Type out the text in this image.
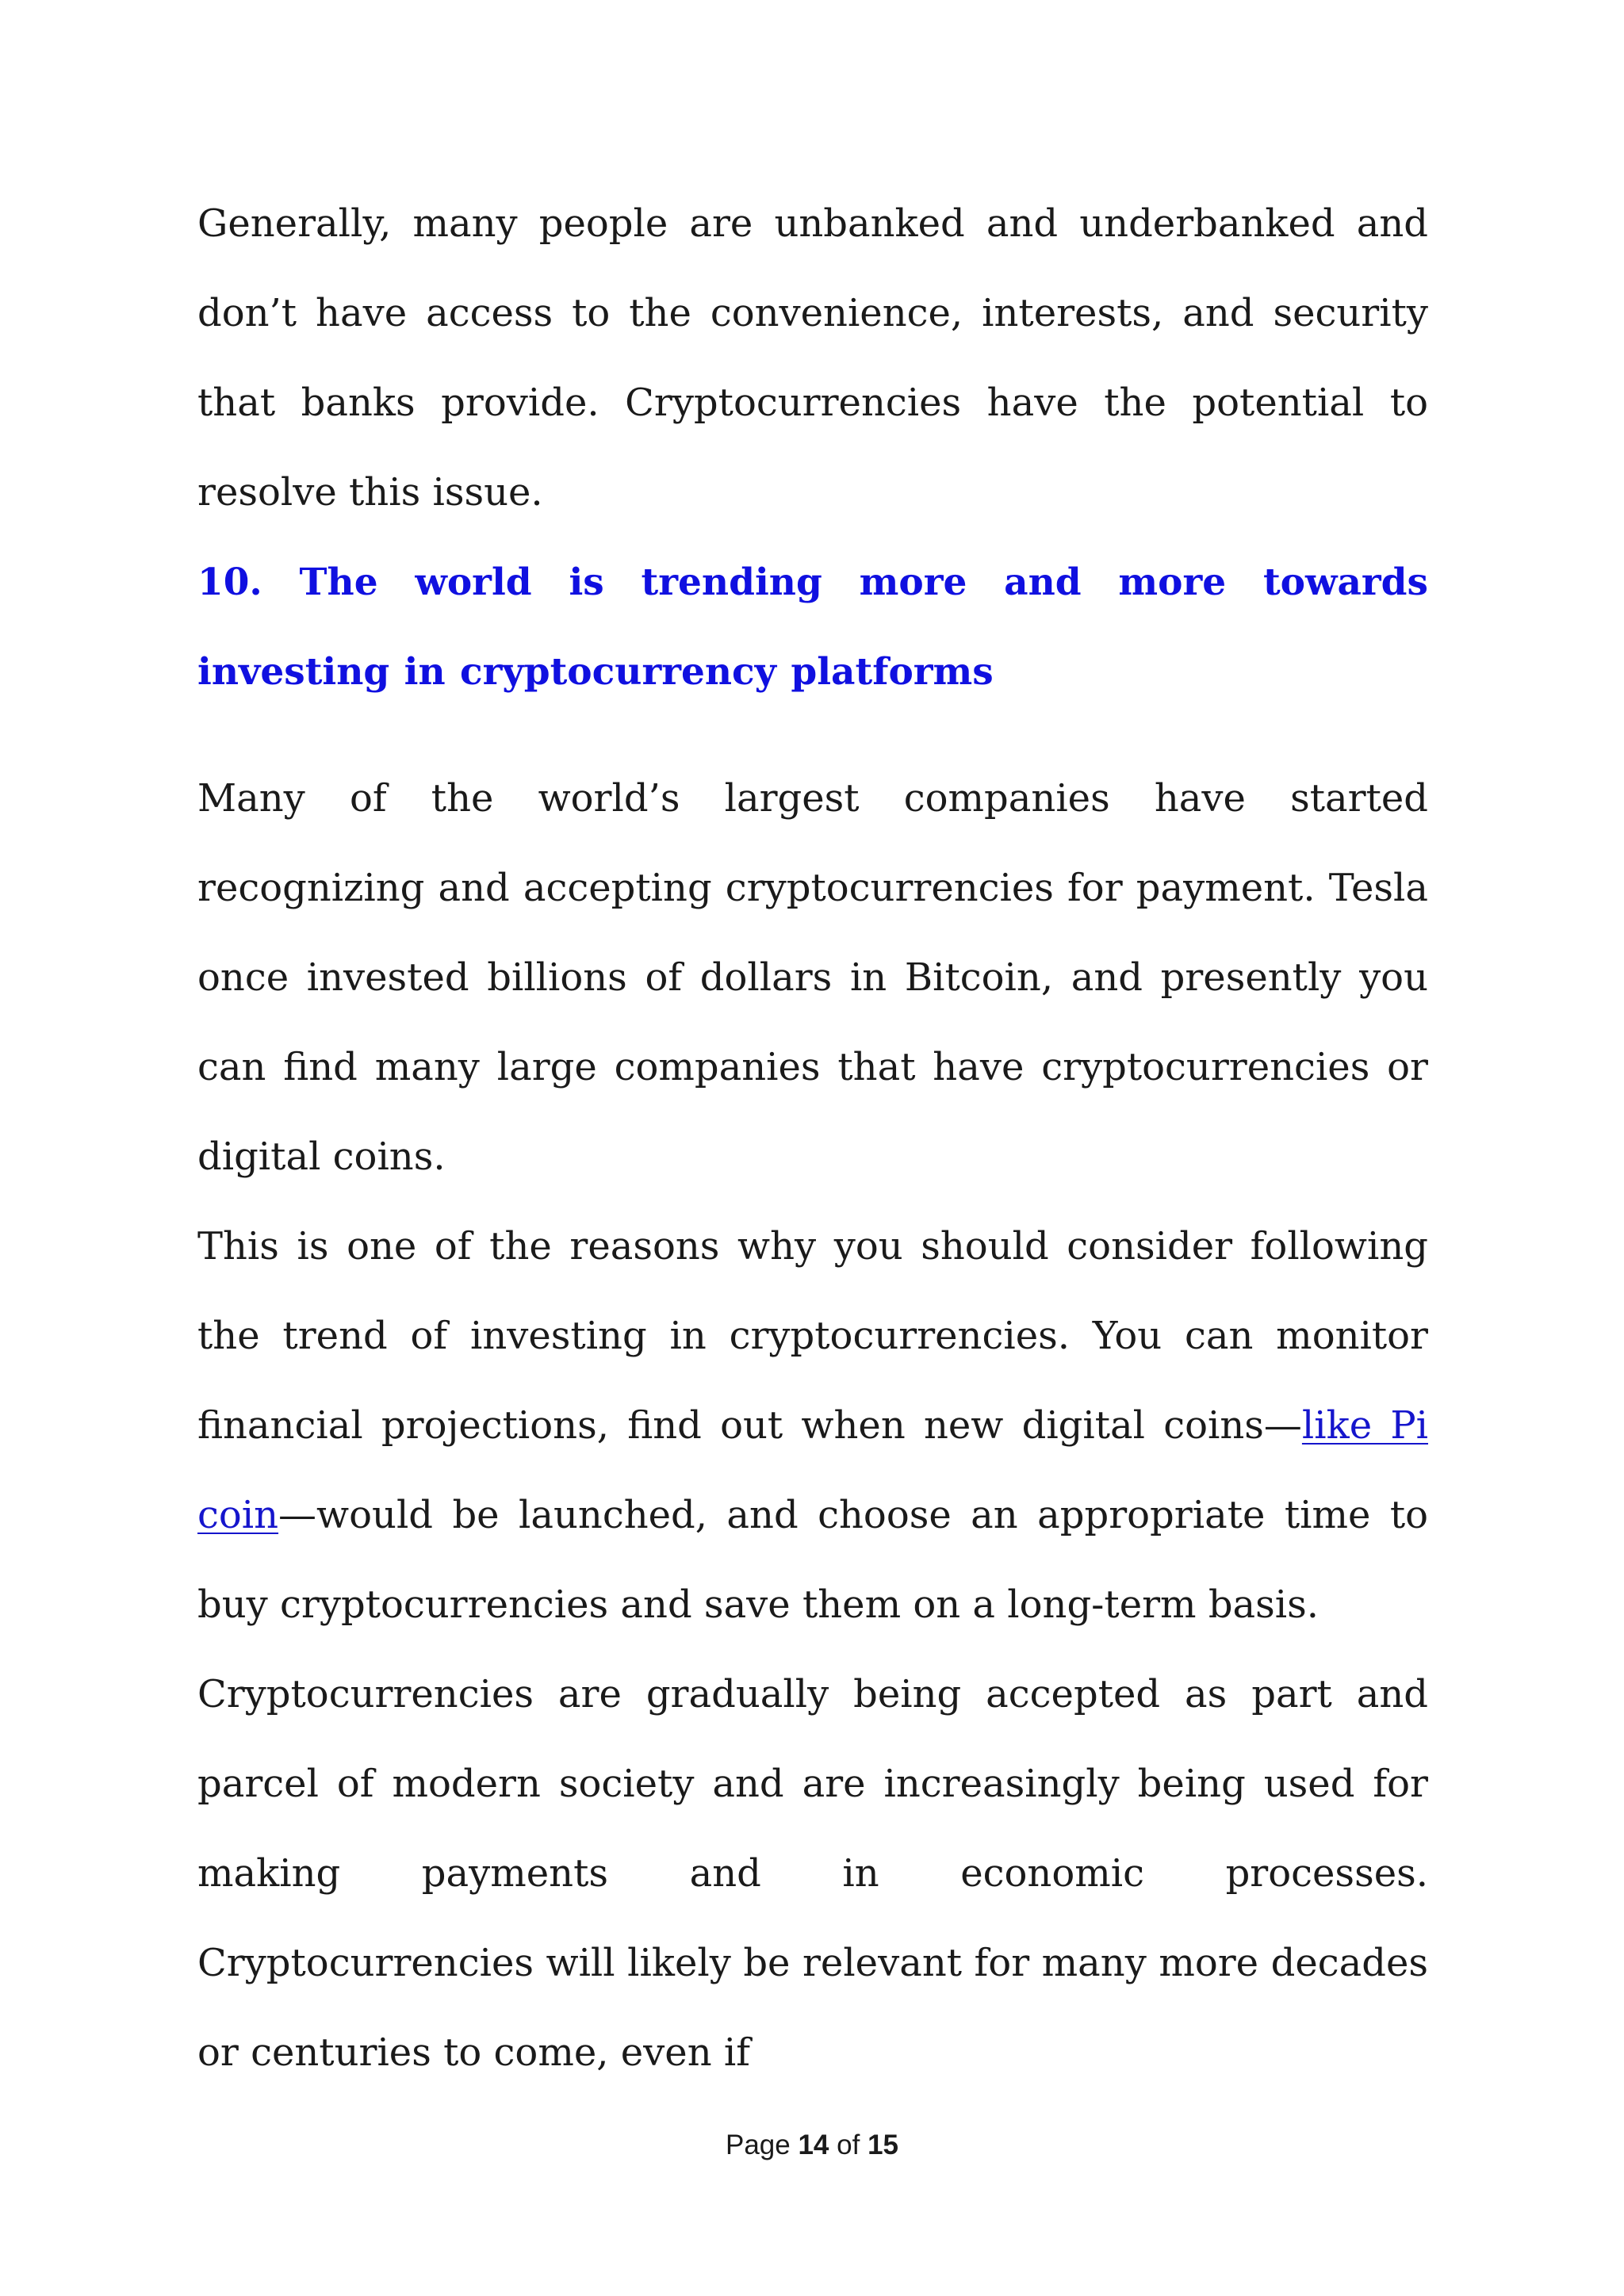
Generally, many people are unbanked and underbanked and don’t have access to the convenience, interests, and security that banks provide. Cryptocurrencies have the potential to resolve this issue.

10. The world is trending more and more towards investing in cryptocurrency platforms

Many of the world’s largest companies have started recognizing and accepting cryptocurrencies for payment. Tesla once invested billions of dollars in Bitcoin, and presently you can find many large companies that have cryptocurrencies or digital coins.

This is one of the reasons why you should consider following the trend of investing in cryptocurrencies. You can monitor financial projections, find out when new digital coins—like Pi coin—would be launched, and choose an appropriate time to buy cryptocurrencies and save them on a long-term basis.

Cryptocurrencies are gradually being accepted as part and parcel of modern society and are increasingly being used for making payments and in economic processes. Cryptocurrencies will likely be relevant for many more decades or centuries to come, even if

Page 14 of 15
